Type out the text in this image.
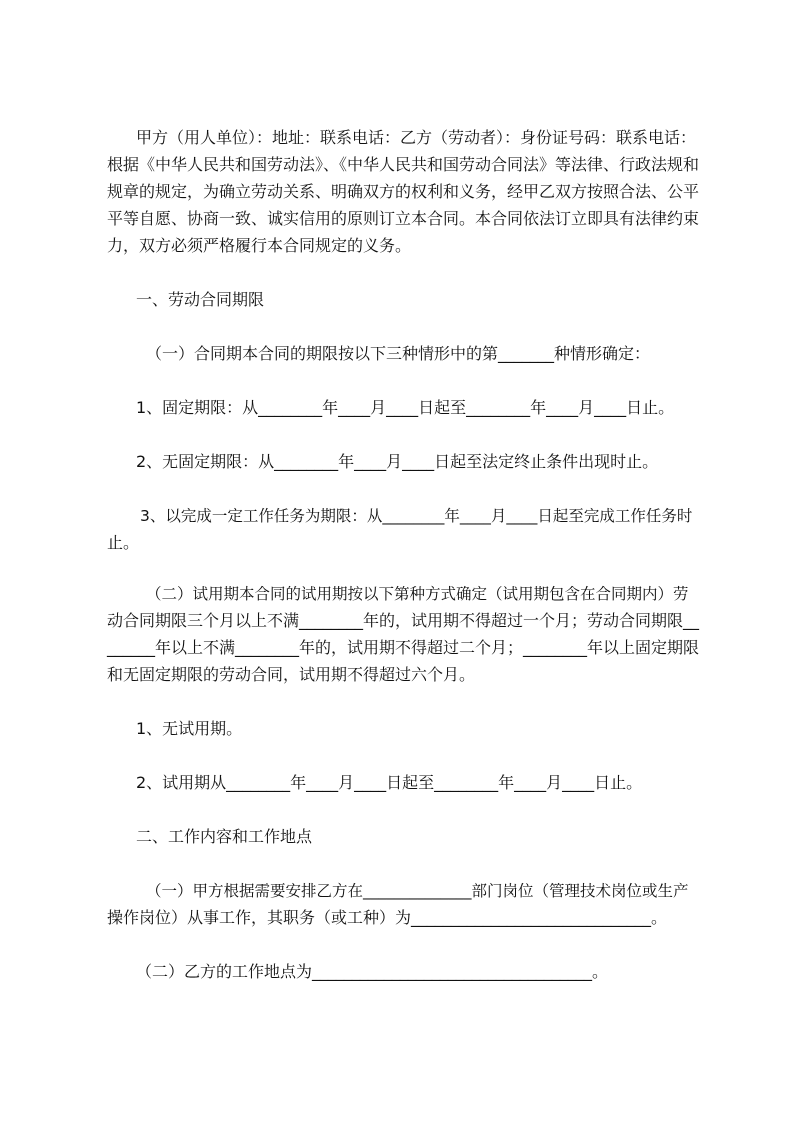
甲方（用人单位）：地址：联系电话：乙方（劳动者）：身份证号码：联系电话：

根据《中华人民共和国劳动法》、《中华人民共和国劳动合同法》等法律、行政法规和

规章的规定，为确立劳动关系、明确双方的权利和义务，经甲乙双方按照合法、公平

平等自愿、协商一致、诚实信用的原则订立本合同。本合同依法订立即具有法律约束

力，双方必须严格履行本合同规定的义务。

一、劳动合同期限

（一）合同期本合同的期限按以下三种情形中的第_______种情形确定：

1、固定期限：从________年____月____日起至________年____月____日止。

2、无固定期限：从________年____月____日起至法定终止条件出现时止。

3、以完成一定工作任务为期限：从________年____月____日起至完成工作任务时

止。

（二）试用期本合同的试用期按以下第种方式确定（试用期包含在合同期内）劳

动合同期限三个月以上不满________年的，试用期不得超过一个月；劳动合同期限__

______年以上不满________年的，试用期不得超过二个月；________年以上固定期限

和无固定期限的劳动合同，试用期不得超过六个月。

1、无试用期。

2、试用期从________年____月____日起至________年____月____日止。

二、工作内容和工作地点

（一）甲方根据需要安排乙方在______________部门岗位（管理技术岗位或生产

操作岗位）从事工作，其职务（或工种）为______________________________。

（二）乙方的工作地点为___________________________________。
